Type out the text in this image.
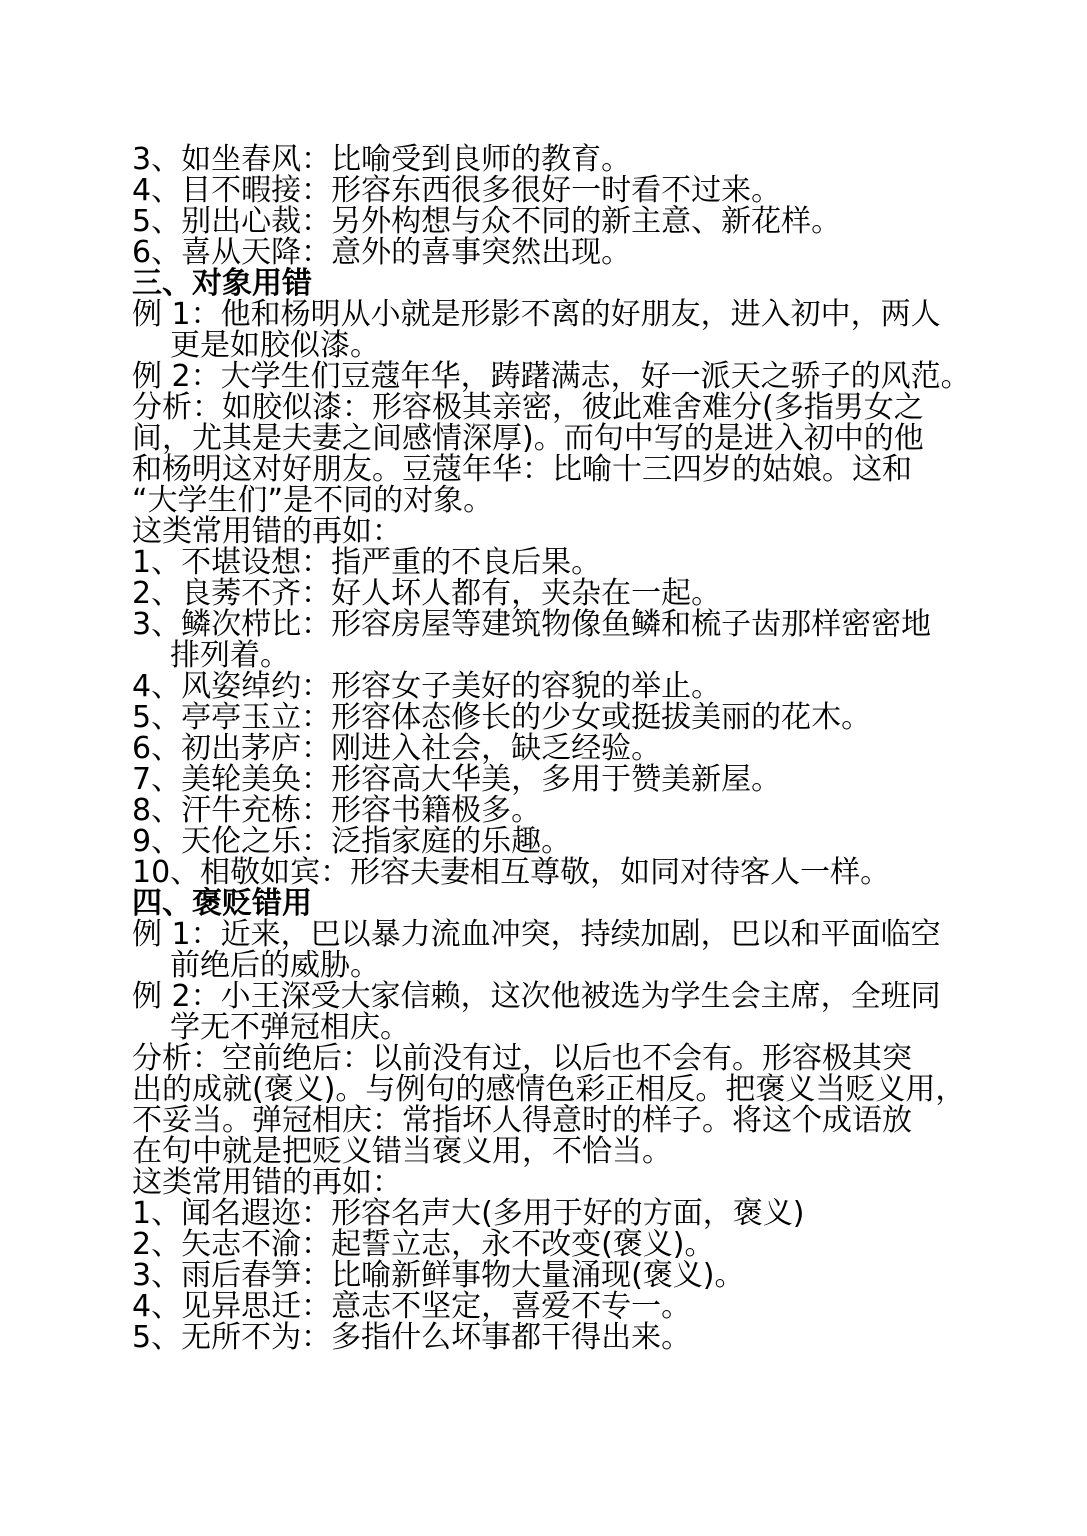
3、如坐春风：比喻受到良师的教育。
4、目不暇接：形容东西很多很好一时看不过来。
5、别出心裁：另外构想与众不同的新主意、新花样。
6、喜从天降：意外的喜事突然出现。
三、对象用错
例 1：他和杨明从小就是形影不离的好朋友，进入初中，两人
更是如胶似漆。
例 2：大学生们豆蔻年华，踌躇满志，好一派天之骄子的风范。
分析：如胶似漆：形容极其亲密，彼此难舍难分(多指男女之
间，尤其是夫妻之间感情深厚)。而句中写的是进入初中的他
和杨明这对好朋友。豆蔻年华：比喻十三四岁的姑娘。这和
“大学生们”是不同的对象。
这类常用错的再如：
1、不堪设想：指严重的不良后果。
2、良莠不齐：好人坏人都有，夹杂在一起。
3、鳞次栉比：形容房屋等建筑物像鱼鳞和梳子齿那样密密地
排列着。
4、风姿绰约：形容女子美好的容貌的举止。
5、亭亭玉立：形容体态修长的少女或挺拔美丽的花木。
6、初出茅庐：刚进入社会，缺乏经验。
7、美轮美奂：形容高大华美，多用于赞美新屋。
8、汗牛充栋：形容书籍极多。
9、天伦之乐：泛指家庭的乐趣。
10、相敬如宾：形容夫妻相互尊敬，如同对待客人一样。
四、褒贬错用
例 1：近来，巴以暴力流血冲突，持续加剧，巴以和平面临空
前绝后的威胁。
例 2：小王深受大家信赖，这次他被选为学生会主席，全班同
学无不弹冠相庆。
分析：空前绝后：以前没有过，以后也不会有。形容极其突
出的成就(褒义)。与例句的感情色彩正相反。把褒义当贬义用，
不妥当。弹冠相庆：常指坏人得意时的样子。将这个成语放
在句中就是把贬义错当褒义用，不恰当。
这类常用错的再如：
1、闻名遐迩：形容名声大(多用于好的方面，褒义)
2、矢志不渝：起誓立志，永不改变(褒义)。
3、雨后春笋：比喻新鲜事物大量涌现(褒义)。
4、见异思迁：意志不坚定，喜爱不专一。
5、无所不为：多指什么坏事都干得出来。
